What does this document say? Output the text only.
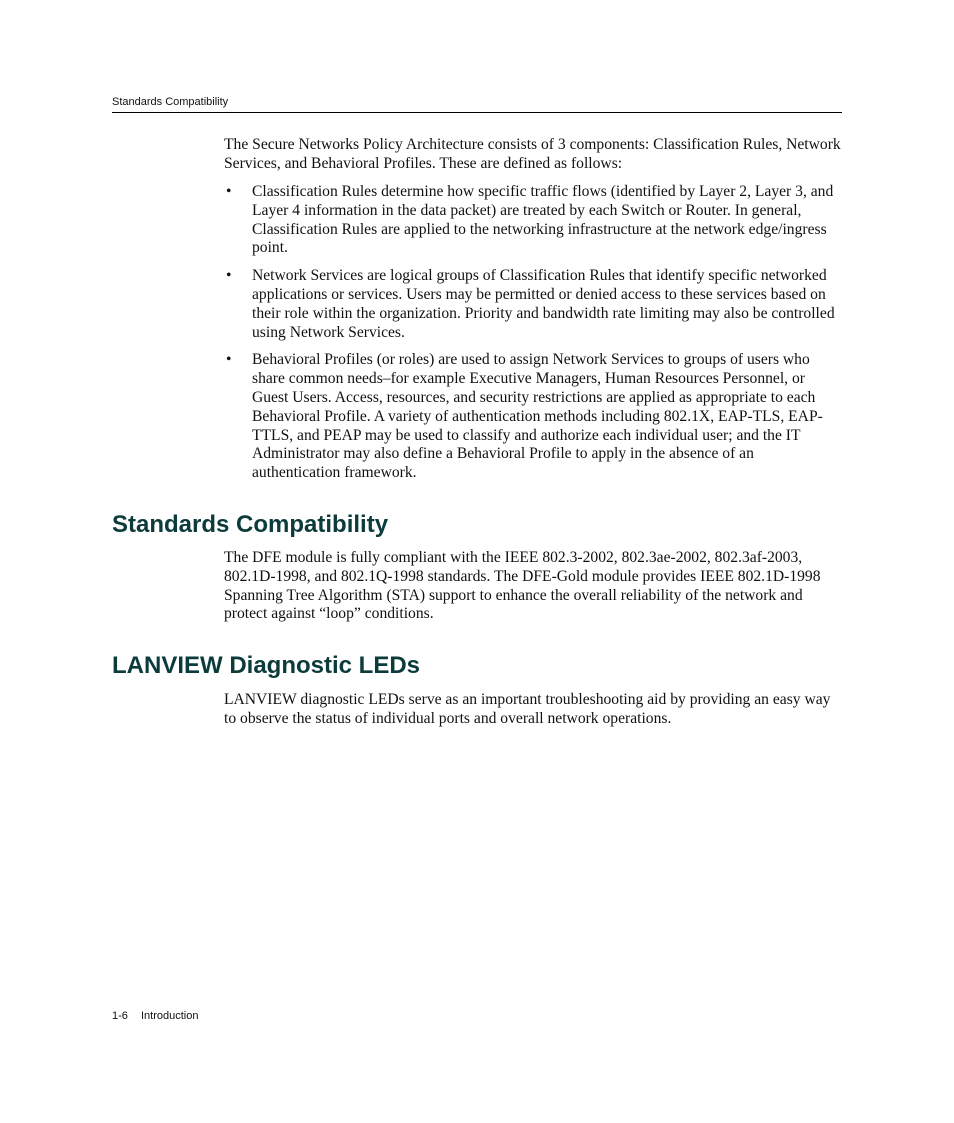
Standards Compatibility

The Secure Networks Policy Architecture consists of 3 components: Classification Rules, Network Services, and Behavioral Profiles. These are defined as follows:

• Classification Rules determine how specific traffic flows (identified by Layer 2, Layer 3, and Layer 4 information in the data packet) are treated by each Switch or Router. In general, Classification Rules are applied to the networking infrastructure at the network edge/ingress point.
• Network Services are logical groups of Classification Rules that identify specific networked applications or services. Users may be permitted or denied access to these services based on their role within the organization. Priority and bandwidth rate limiting may also be controlled using Network Services.
• Behavioral Profiles (or roles) are used to assign Network Services to groups of users who share common needs–for example Executive Managers, Human Resources Personnel, or Guest Users. Access, resources, and security restrictions are applied as appropriate to each Behavioral Profile. A variety of authentication methods including 802.1X, EAP-TLS, EAP-TTLS, and PEAP may be used to classify and authorize each individual user; and the IT Administrator may also define a Behavioral Profile to apply in the absence of an authentication framework.
Standards Compatibility

The DFE module is fully compliant with the IEEE 802.3-2002, 802.3ae-2002, 802.3af-2003, 802.1D-1998, and 802.1Q-1998 standards. The DFE-Gold module provides IEEE 802.1D-1998 Spanning Tree Algorithm (STA) support to enhance the overall reliability of the network and protect against “loop” conditions.

LANVIEW Diagnostic LEDs

LANVIEW diagnostic LEDs serve as an important troubleshooting aid by providing an easy way to observe the status of individual ports and overall network operations.

1-6 Introduction
